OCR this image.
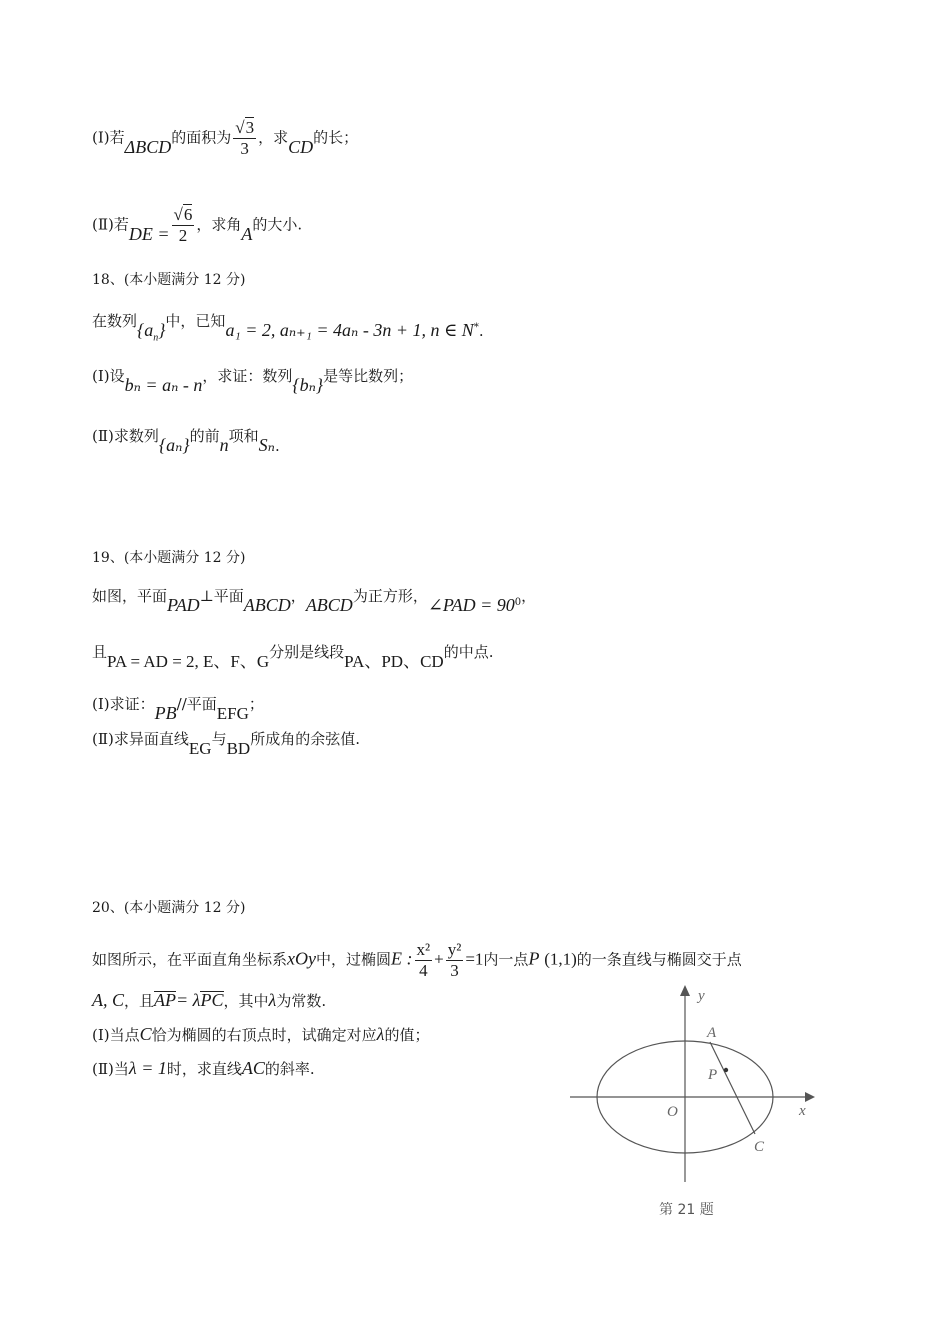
(Ⅰ)若ΔBCD的面积为 $\frac{√3}{3}$ ，求CD的长；
(Ⅱ)若DE = $\frac{√6}{2}$ ，求角A的大小.
18、(本小题满分 12 分)
在数列$\{a_n\}$中，已知a₁ = 2, aₙ₊₁ = 4aₙ - 3n + 1, n ∈ N*.
(Ⅰ)设bₙ = aₙ - n，求证：数列{bₙ}是等比数列；
(Ⅱ)求数列{aₙ}的前n项和Sₙ.
19、(本小题满分 12 分)
如图，平面PAD⊥平面ABCD，ABCD为正方形，∠PAD = $90^0$，
且PA = AD = 2, E、F、G分别是线段PA、PD、CD的中点.
(Ⅰ)求证：PB//平面EFG；
(Ⅱ)求异面直线EG与BD所成角的余弦值.
20、(本小题满分 12 分)
如图所示，在平面直角坐标系xOy中，过椭圆E : $\frac{\text{x²}}{4} + \frac{\text{y²}}{3} =1$内一点P (1,1)的一条直线与椭圆交于点
A, C，且AP= λPC，其中λ为常数.
(Ⅰ)当点C恰为椭圆的右顶点时，试确定对应λ的值；
(Ⅱ)当λ = 1时，求直线AC的斜率.
y
x
O
A
P
C
第 21 题
